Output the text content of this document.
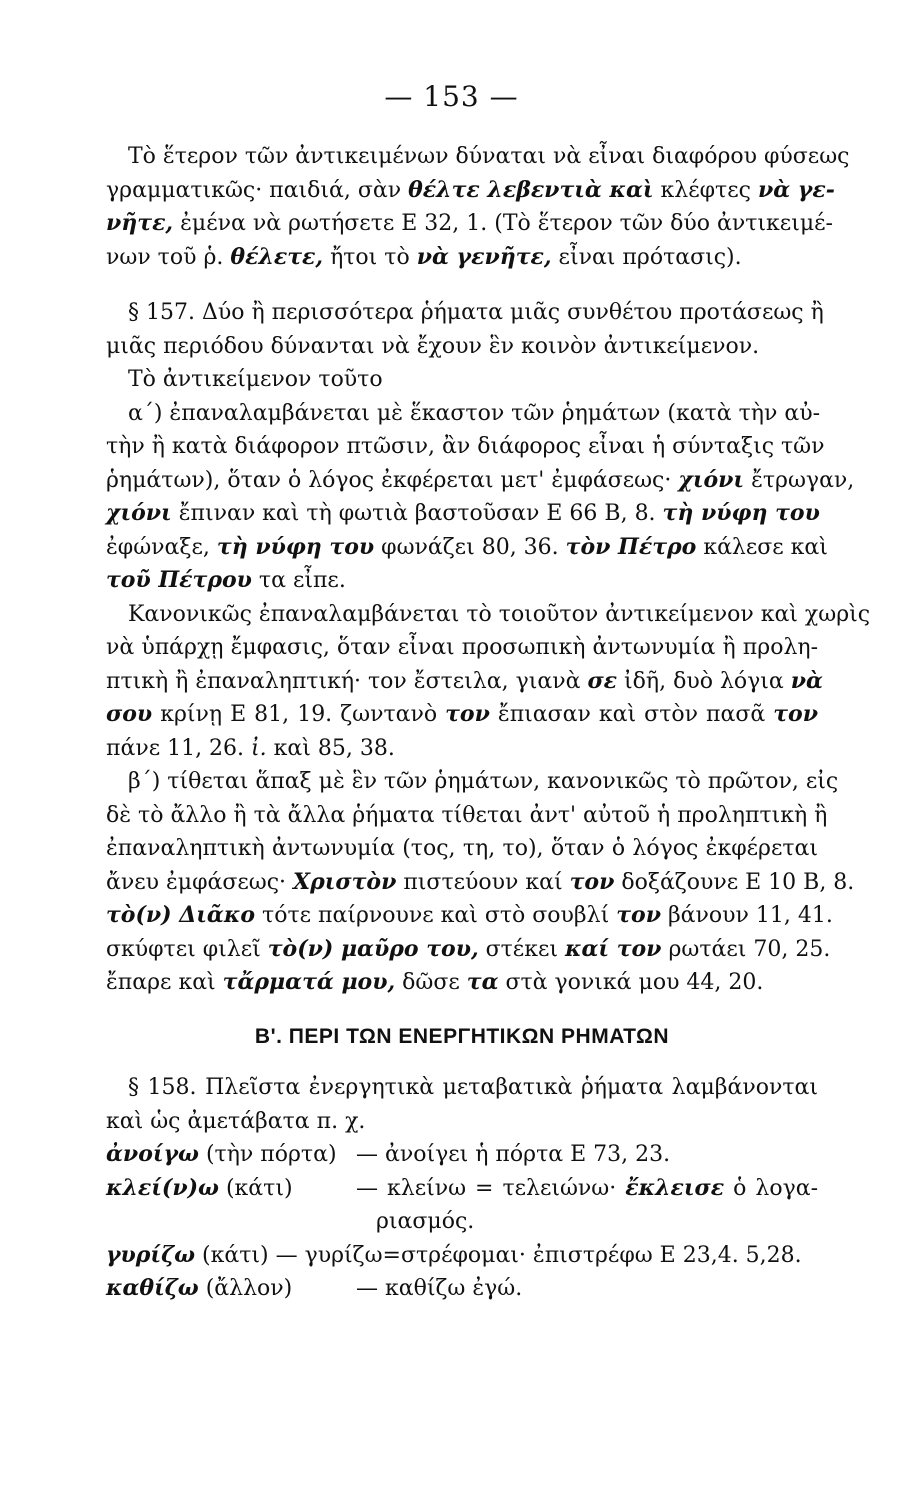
— 153 —
Τὸ ἕτερον τῶν ἀντικειμένων δύναται νὰ εἶναι διαφόρου φύσεως
γραμματικῶς· παιδιά, σὰν θέλτε λεβεντιὰ καὶ κλέφτες νὰ γε-
νῆτε, ἐμένα νὰ ρωτήσετε Ε 32, 1. (Τὸ ἕτερον τῶν δύο ἀντικειμέ-
νων τοῦ ῥ. θέλετε, ἤτοι τὸ νὰ γενῆτε, εἶναι πρότασις).
§ 157. Δύο ἢ περισσότερα ῥήματα μιᾶς συνθέτου προτάσεως ἢ
μιᾶς περιόδου δύνανται νὰ ἔχουν ἓν κοινὸν ἀντικείμενον.
Τὸ ἀντικείμενον τοῦτο
α΄) ἐπαναλαμβάνεται μὲ ἕκαστον τῶν ῥημάτων (κατὰ τὴν αὐ-
τὴν ἢ κατὰ διάφορον πτῶσιν, ἂν διάφορος εἶναι ἡ σύνταξις τῶν
ῥημάτων), ὅταν ὁ λόγος ἐκφέρεται μετ' ἐμφάσεως· χιόνι ἔτρωγαν,
χιόνι ἔπιναν καὶ τὴ φωτιὰ βαστοῦσαν Ε 66 Β, 8. τὴ νύφη του
ἐφώναξε, τὴ νύφη του φωνάζει 80, 36. τὸν Πέτρο κάλεσε καὶ
τοῦ Πέτρου τα εἶπε.
Κανονικῶς ἐπαναλαμβάνεται τὸ τοιοῦτον ἀντικείμενον καὶ χωρὶς
νὰ ὑπάρχῃ ἔμφασις, ὅταν εἶναι προσωπικὴ ἀντωνυμία ἢ προλη-
πτικὴ ἢ ἐπαναληπτική· τον ἔστειλα, γιανὰ σε ἰδῆ, δυὸ λόγια νὰ
σου κρίνῃ Ε 81, 19. ζωντανὸ τον ἔπιασαν καὶ στὸν πασᾶ τον
πάνε 11, 26. ἰ. καὶ 85, 38.
β΄) τίθεται ἅπαξ μὲ ἓν τῶν ῥημάτων, κανονικῶς τὸ πρῶτον, εἰς
δὲ τὸ ἄλλο ἢ τὰ ἄλλα ῥήματα τίθεται ἀντ' αὐτοῦ ἡ προληπτικὴ ἢ
ἐπαναληπτικὴ ἀντωνυμία (τος, τη, το), ὅταν ὁ λόγος ἐκφέρεται
ἄνευ ἐμφάσεως· Χριστὸν πιστεύουν καί τον δοξάζουνε Ε 10 Β, 8.
τὸ(ν) Διᾶκο τότε παίρνουνε καὶ στὸ σουβλί τον βάνουν 11, 41.
σκύφτει φιλεῖ τὸ(ν) μαῦρο του, στέκει καί τον ρωτάει 70, 25.
ἔπαρε καὶ τἄρματά μου, δῶσε τα στὰ γονικά μου 44, 20.
Β'. ΠΕΡΙ ΤΩΝ ΕΝΕΡΓΗΤΙΚΩΝ ΡΗΜΑΤΩΝ
§ 158. Πλεῖστα ἐνεργητικὰ μεταβατικὰ ῥήματα λαμβάνονται
καὶ ὡς ἀμετάβατα π. χ.
ἀνοίγω (τὴν πόρτα) — ἀνοίγει ἡ πόρτα Ε 73, 23.
κλεί(ν)ω (κάτι)	— κλείνω = τελειώνω· ἔκλεισε ὁ λογα-
ριασμός.
γυρίζω (κάτι) — γυρίζω=στρέφομαι· ἐπιστρέφω Ε 23,4. 5,28.
καθίζω (ἄλλον)	— καθίζω ἐγώ.
